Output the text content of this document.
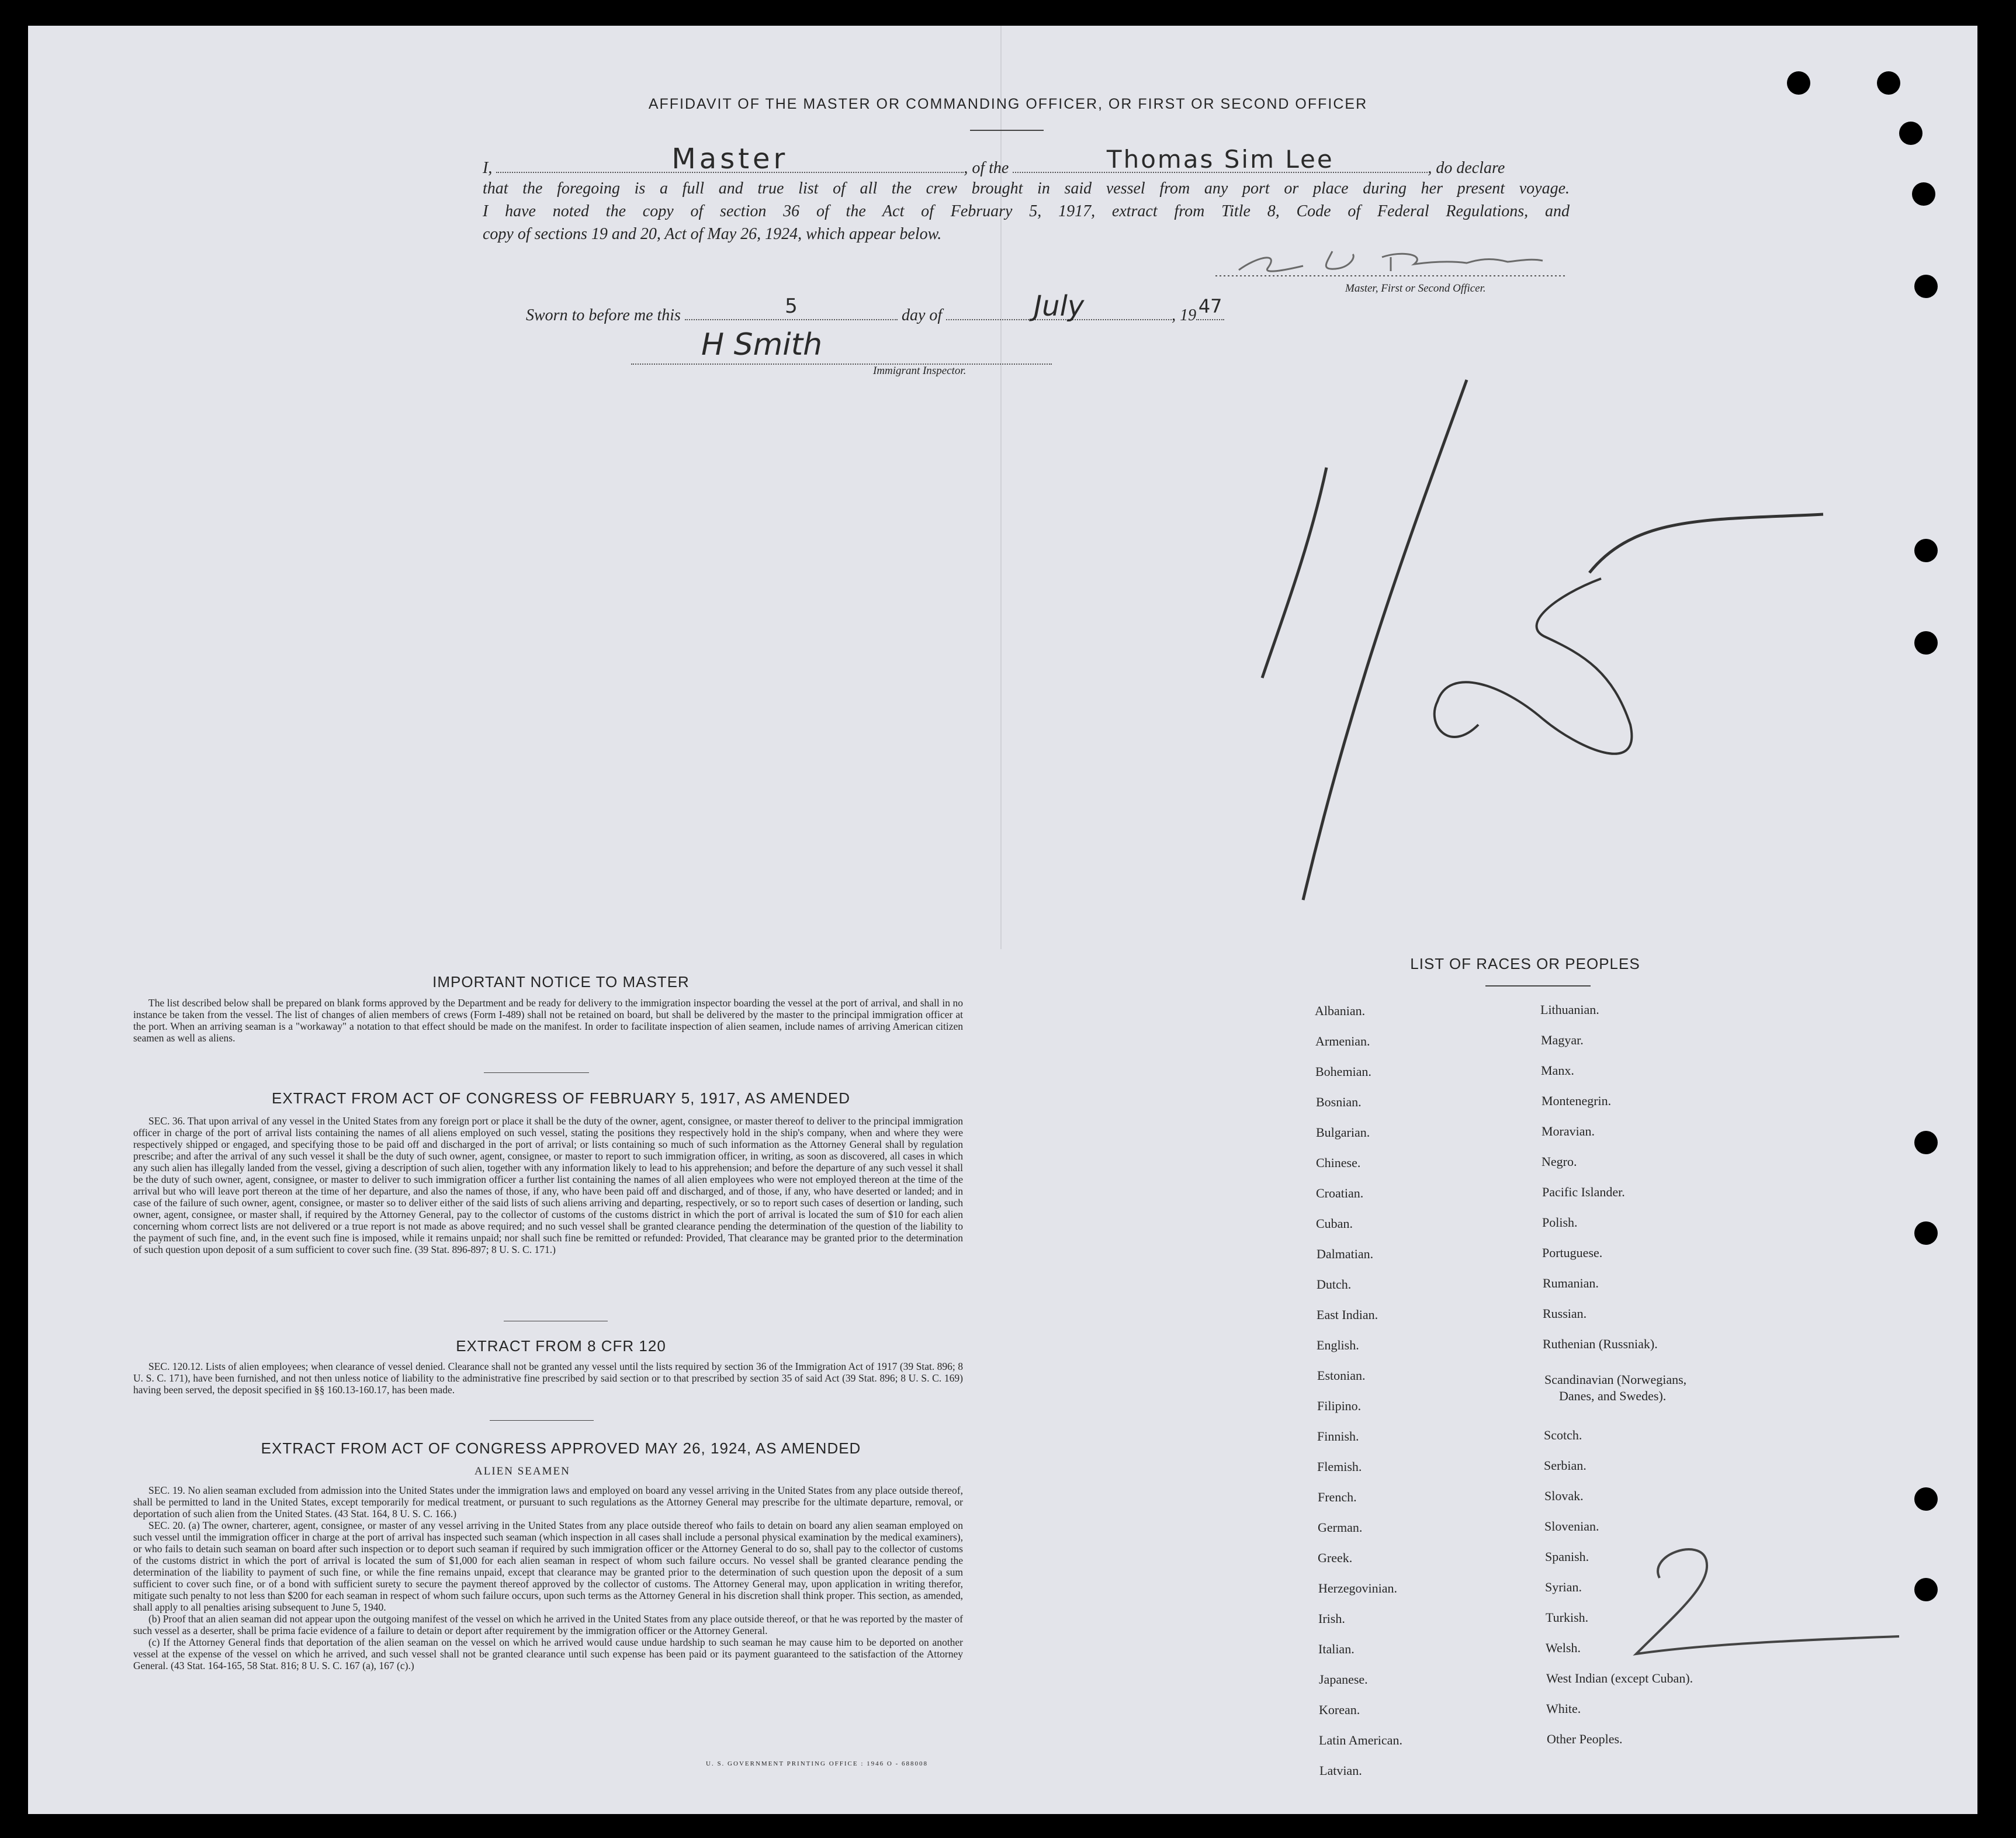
AFFIDAVIT OF THE MASTER OR COMMANDING OFFICER, OR FIRST OR SECOND OFFICER
I,	Master	, of the	Thomas Sim Lee	, do declare
that the foregoing is a full and true list of all the crew brought in said vessel from any port or place during her present voyage.
I have noted the copy of section 36 of the Act of February 5, 1917, extract from Title 8, Code of Federal Regulations, and
copy of sections 19 and 20, Act of May 26, 1924, which appear below.
Master, First or Second Officer.
Sworn to before me this	5	day of	July	, 19 47
H Smith
Immigrant Inspector.
IMPORTANT NOTICE TO MASTER

The list described below shall be prepared on blank forms approved by the Department and be ready for delivery to the immigration inspector boarding the vessel at the port of arrival, and shall in no instance be taken from the vessel. The list of changes of alien members of crews (Form I-489) shall not be retained on board, but shall be delivered by the master to the principal immigration officer at the port. When an arriving seaman is a "workaway" a notation to that effect should be made on the manifest. In order to facilitate inspection of alien seamen, include names of arriving American citizen seamen as well as aliens.

EXTRACT FROM ACT OF CONGRESS OF FEBRUARY 5, 1917, AS AMENDED

SEC. 36. That upon arrival of any vessel in the United States from any foreign port or place it shall be the duty of the owner, agent, consignee, or master thereof to deliver to the principal immigration officer in charge of the port of arrival lists containing the names of all aliens employed on such vessel, stating the positions they respectively hold in the ship's company, when and where they were respectively shipped or engaged, and specifying those to be paid off and discharged in the port of arrival; or lists containing so much of such information as the Attorney General shall by regulation prescribe; and after the arrival of any such vessel it shall be the duty of such owner, agent, consignee, or master to report to such immigration officer, in writing, as soon as discovered, all cases in which any such alien has illegally landed from the vessel, giving a description of such alien, together with any information likely to lead to his apprehension; and before the departure of any such vessel it shall be the duty of such owner, agent, consignee, or master to deliver to such immigration officer a further list containing the names of all alien employees who were not employed thereon at the time of the arrival but who will leave port thereon at the time of her departure, and also the names of those, if any, who have been paid off and discharged, and of those, if any, who have deserted or landed; and in case of the failure of such owner, agent, consignee, or master so to deliver either of the said lists of such aliens arriving and departing, respectively, or so to report such cases of desertion or landing, such owner, agent, consignee, or master shall, if required by the Attorney General, pay to the collector of customs of the customs district in which the port of arrival is located the sum of $10 for each alien concerning whom correct lists are not delivered or a true report is not made as above required; and no such vessel shall be granted clearance pending the determination of the question of the liability to the payment of such fine, and, in the event such fine is imposed, while it remains unpaid; nor shall such fine be remitted or refunded: Provided, That clearance may be granted prior to the determination of such question upon deposit of a sum sufficient to cover such fine. (39 Stat. 896-897; 8 U. S. C. 171.)

EXTRACT FROM 8 CFR 120

SEC. 120.12. Lists of alien employees; when clearance of vessel denied. Clearance shall not be granted any vessel until the lists required by section 36 of the Immigration Act of 1917 (39 Stat. 896; 8 U. S. C. 171), have been furnished, and not then unless notice of liability to the administrative fine prescribed by said section or to that prescribed by section 35 of said Act (39 Stat. 896; 8 U. S. C. 169) having been served, the deposit specified in §§ 160.13-160.17, has been made.

EXTRACT FROM ACT OF CONGRESS APPROVED MAY 26, 1924, AS AMENDED
ALIEN SEAMEN

SEC. 19. No alien seaman excluded from admission into the United States under the immigration laws and employed on board any vessel arriving in the United States from any place outside thereof, shall be permitted to land in the United States, except temporarily for medical treatment, or pursuant to such regulations as the Attorney General may prescribe for the ultimate departure, removal, or deportation of such alien from the United States. (43 Stat. 164, 8 U. S. C. 166.)

SEC. 20. (a) The owner, charterer, agent, consignee, or master of any vessel arriving in the United States from any place outside thereof who fails to detain on board any alien seaman employed on such vessel until the immigration officer in charge at the port of arrival has inspected such seaman (which inspection in all cases shall include a personal physical examination by the medical examiners), or who fails to detain such seaman on board after such inspection or to deport such seaman if required by such immigration officer or the Attorney General to do so, shall pay to the collector of customs of the customs district in which the port of arrival is located the sum of $1,000 for each alien seaman in respect of whom such failure occurs. No vessel shall be granted clearance pending the determination of the liability to payment of such fine, or while the fine remains unpaid, except that clearance may be granted prior to the determination of such question upon the deposit of a sum sufficient to cover such fine, or of a bond with sufficient surety to secure the payment thereof approved by the collector of customs. The Attorney General may, upon application in writing therefor, mitigate such penalty to not less than $200 for each seaman in respect of whom such failure occurs, upon such terms as the Attorney General in his discretion shall think proper. This section, as amended, shall apply to all penalties arising subsequent to June 5, 1940.

(b) Proof that an alien seaman did not appear upon the outgoing manifest of the vessel on which he arrived in the United States from any place outside thereof, or that he was reported by the master of such vessel as a deserter, shall be prima facie evidence of a failure to detain or deport after requirement by the immigration officer or the Attorney General.

(c) If the Attorney General finds that deportation of the alien seaman on the vessel on which he arrived would cause undue hardship to such seaman he may cause him to be deported on another vessel at the expense of the vessel on which he arrived, and such vessel shall not be granted clearance until such expense has been paid or its payment guaranteed to the satisfaction of the Attorney General. (43 Stat. 164-165, 58 Stat. 816; 8 U. S. C. 167 (a), 167 (c).)

U. S. GOVERNMENT PRINTING OFFICE : 1946 O - 688008
LIST OF RACES OR PEOPLES
Albanian.
Armenian.
Bohemian.
Bosnian.
Bulgarian.
Chinese.
Croatian.
Cuban.
Dalmatian.
Dutch.
East Indian.
English.
Estonian.
Filipino.
Finnish.
Flemish.
French.
German.
Greek.
Herzegovinian.
Irish.
Italian.
Japanese.
Korean.
Latin American.
Latvian.
Lithuanian.
Magyar.
Manx.
Montenegrin.
Moravian.
Negro.
Pacific Islander.
Polish.
Portuguese.
Rumanian.
Russian.
Ruthenian (Russniak).
Scandinavian (Norwegians,
Danes, and Swedes).
Scotch.
Serbian.
Slovak.
Slovenian.
Spanish.
Syrian.
Turkish.
Welsh.
West Indian (except Cuban).
White.
Other Peoples.
